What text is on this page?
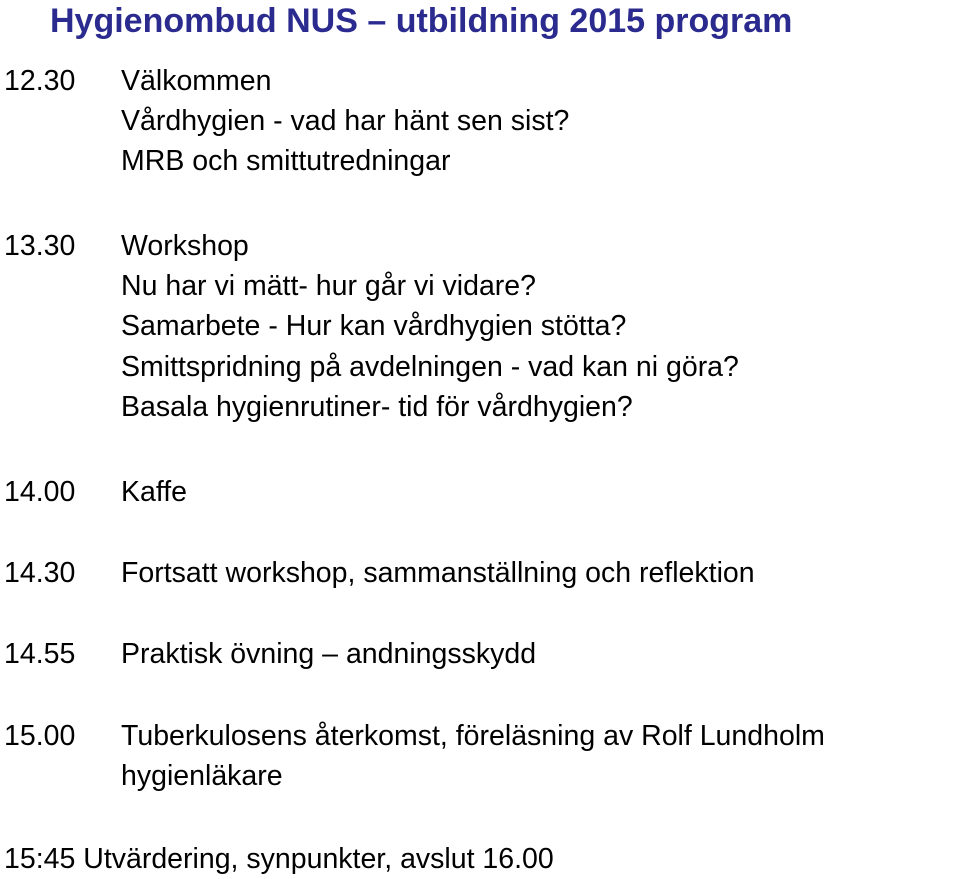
Hygienombud NUS – utbildning 2015 program
12.30 Välkommen
Vårdhygien - vad har hänt sen sist?
MRB och smittutredningar
13.30 Workshop
Nu har vi mätt- hur går vi vidare?
Samarbete - Hur kan vårdhygien stötta?
Smittspridning på avdelningen - vad kan ni göra?
Basala hygienrutiner- tid för vårdhygien?
14.00 Kaffe
14.30 Fortsatt workshop, sammanställning och reflektion
14.55 Praktisk övning – andningsskydd
15.00 Tuberkulosens återkomst, föreläsning av Rolf Lundholm
hygienläkare
15:45 Utvärdering, synpunkter, avslut 16.00
